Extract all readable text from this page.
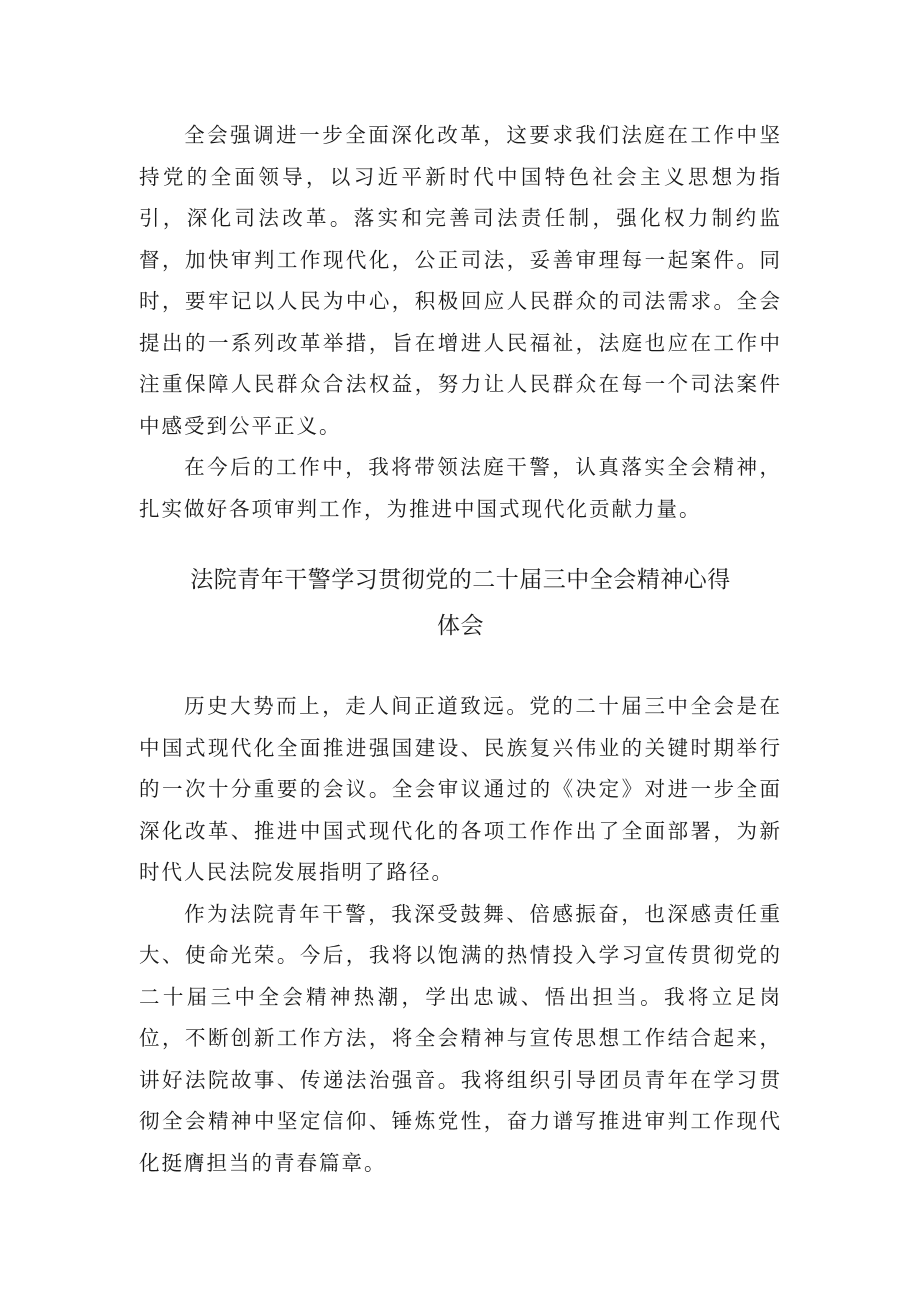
全会强调进一步全面深化改革，这要求我们法庭在工作中坚持党的全面领导，以习近平新时代中国特色社会主义思想为指引，深化司法改革。落实和完善司法责任制，强化权力制约监督，加快审判工作现代化，公正司法，妥善审理每一起案件。同时，要牢记以人民为中心，积极回应人民群众的司法需求。全会提出的一系列改革举措，旨在增进人民福祉，法庭也应在工作中注重保障人民群众合法权益，努力让人民群众在每一个司法案件中感受到公平正义。

在今后的工作中，我将带领法庭干警，认真落实全会精神，扎实做好各项审判工作，为推进中国式现代化贡献力量。

法院青年干警学习贯彻党的二十届三中全会精神心得
体会

历史大势而上，走人间正道致远。党的二十届三中全会是在中国式现代化全面推进强国建设、民族复兴伟业的关键时期举行的一次十分重要的会议。全会审议通过的《决定》对进一步全面深化改革、推进中国式现代化的各项工作作出了全面部署，为新时代人民法院发展指明了路径。

作为法院青年干警，我深受鼓舞、倍感振奋，也深感责任重大、使命光荣。今后，我将以饱满的热情投入学习宣传贯彻党的二十届三中全会精神热潮，学出忠诚、悟出担当。我将立足岗位，不断创新工作方法，将全会精神与宣传思想工作结合起来，讲好法院故事、传递法治强音。我将组织引导团员青年在学习贯彻全会精神中坚定信仰、锤炼党性，奋力谱写推进审判工作现代化挺膺担当的青春篇章。
